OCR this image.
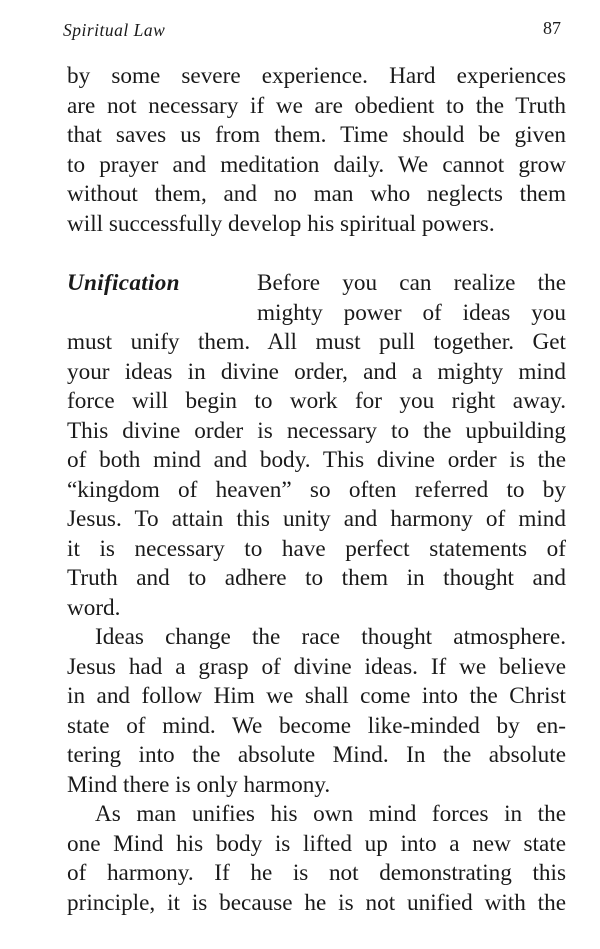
Spiritual Law	87
by some severe experience. Hard experiences
are not necessary if we are obedient to the Truth
that saves us from them. Time should be given
to prayer and meditation daily. We cannot grow
without them, and no man who neglects them
will successfully develop his spiritual powers.
Unification	Before you can realize the
mighty power of ideas you
must unify them. All must pull together. Get
your ideas in divine order, and a mighty mind
force will begin to work for you right away.
This divine order is necessary to the upbuilding
of both mind and body. This divine order is the
“kingdom of heaven” so often referred to by
Jesus. To attain this unity and harmony of mind
it is necessary to have perfect statements of
Truth and to adhere to them in thought and
word.
Ideas change the race thought atmosphere.
Jesus had a grasp of divine ideas. If we believe
in and follow Him we shall come into the Christ
state of mind. We become like-minded by en-
tering into the absolute Mind. In the absolute
Mind there is only harmony.
As man unifies his own mind forces in the
one Mind his body is lifted up into a new state
of harmony. If he is not demonstrating this
principle, it is because he is not unified with the
